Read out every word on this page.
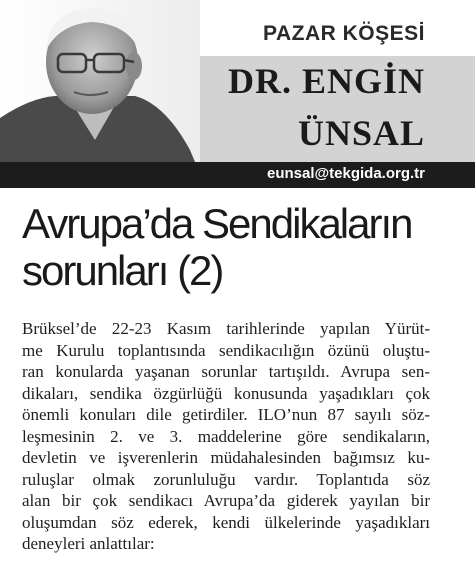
PAZAR KÖŞESİ
DR. ENGİN
ÜNSAL
eunsal@tekgida.org.tr
Avrupa’da Sendikaların
sorunları (2)
Brüksel’de 22-23 Kasım tarihlerinde yapılan Yürüt-
me Kurulu toplantısında sendikacılığın özünü oluştu-
ran konularda yaşanan sorunlar tartışıldı. Avrupa sen-
dikaları, sendika özgürlüğü konusunda yaşadıkları çok
önemli konuları dile getirdiler. ILO’nun 87 sayılı söz-
leşmesinin 2. ve 3. maddelerine göre sendikaların,
devletin ve işverenlerin müdahalesinden bağımsız ku-
ruluşlar olmak zorunluluğu vardır. Toplantıda söz
alan bir çok sendikacı Avrupa’da giderek yayılan bir
oluşumdan söz ederek, kendi ülkelerinde yaşadıkları
deneyleri anlattılar:
